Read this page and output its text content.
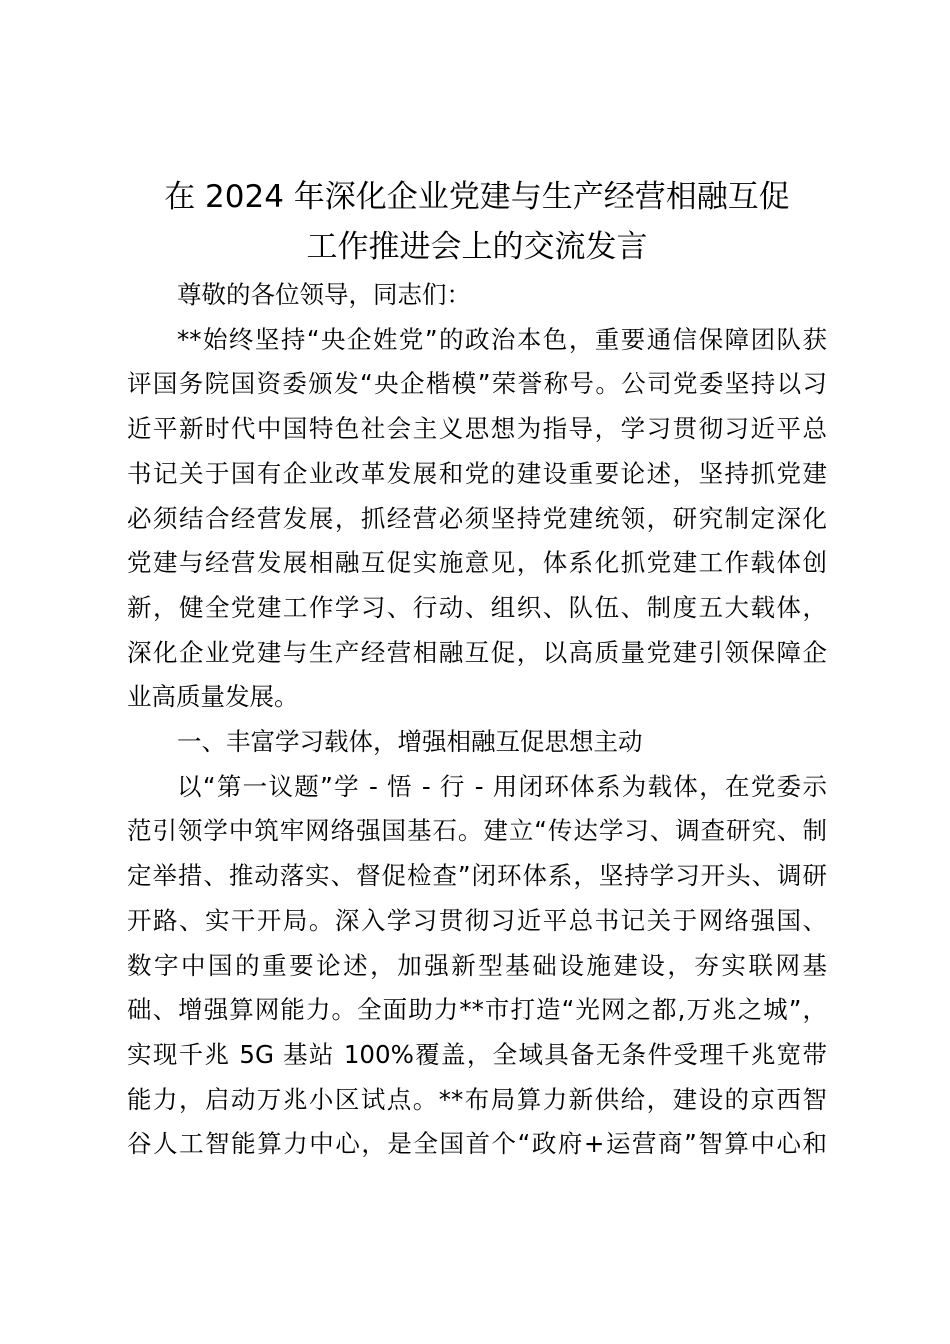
在 2024 年深化企业党建与生产经营相融互促
工作推进会上的交流发言
尊敬的各位领导，同志们：
**始终坚持“央企姓党”的政治本色，重要通信保障团队获
评国务院国资委颁发“央企楷模”荣誉称号。公司党委坚持以习
近平新时代中国特色社会主义思想为指导，学习贯彻习近平总
书记关于国有企业改革发展和党的建设重要论述，坚持抓党建
必须结合经营发展，抓经营必须坚持党建统领，研究制定深化
党建与经营发展相融互促实施意见，体系化抓党建工作载体创
新，健全党建工作学习、行动、组织、队伍、制度五大载体，
深化企业党建与生产经营相融互促，以高质量党建引领保障企
业高质量发展。
一、丰富学习载体，增强相融互促思想主动
以“第一议题”学 - 悟 - 行 - 用闭环体系为载体，在党委示
范引领学中筑牢网络强国基石。建立“传达学习、调查研究、制
定举措、推动落实、督促检查”闭环体系，坚持学习开头、调研
开路、实干开局。深入学习贯彻习近平总书记关于网络强国、
数字中国的重要论述，加强新型基础设施建设，夯实联网基
础、增强算网能力。全面助力**市打造“光网之都,万兆之城”，
实现千兆 5G 基站 100%覆盖，全域具备无条件受理千兆宽带
能力，启动万兆小区试点。**布局算力新供给，建设的京西智
谷人工智能算力中心，是全国首个“政府+运营商”智算中心和
